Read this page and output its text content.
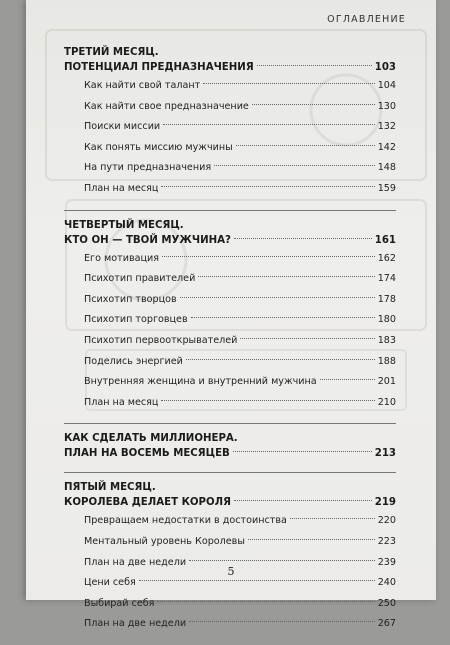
ОГЛАВЛЕНИЕ
ТРЕТИЙ МЕСЯЦ.
ПОТЕНЦИАЛ ПРЕДНАЗНАЧЕНИЯ	103
Как найти свой талант	104
Как найти свое предназначение	130
Поиски миссии	132
Как понять миссию мужчины	142
На пути предназначения	148
План на месяц	159
ЧЕТВЕРТЫЙ МЕСЯЦ.
КТО ОН — ТВОЙ МУЖЧИНА?	161
Его мотивация	162
Психотип правителей	174
Психотип творцов	178
Психотип торговцев	180
Психотип первооткрывателей	183
Поделись энергией	188
Внутренняя женщина и внутренний мужчина	201
План на месяц	210
КАК СДЕЛАТЬ МИЛЛИОНЕРА.
ПЛАН НА ВОСЕМЬ МЕСЯЦЕВ	213
ПЯТЫЙ МЕСЯЦ.
КОРОЛЕВА ДЕЛАЕТ КОРОЛЯ	219
Превращаем недостатки в достоинства	220
Ментальный уровень Королевы	223
План на две недели	239
Цени себя	240
Выбирай себя	250
План на две недели	267
5
